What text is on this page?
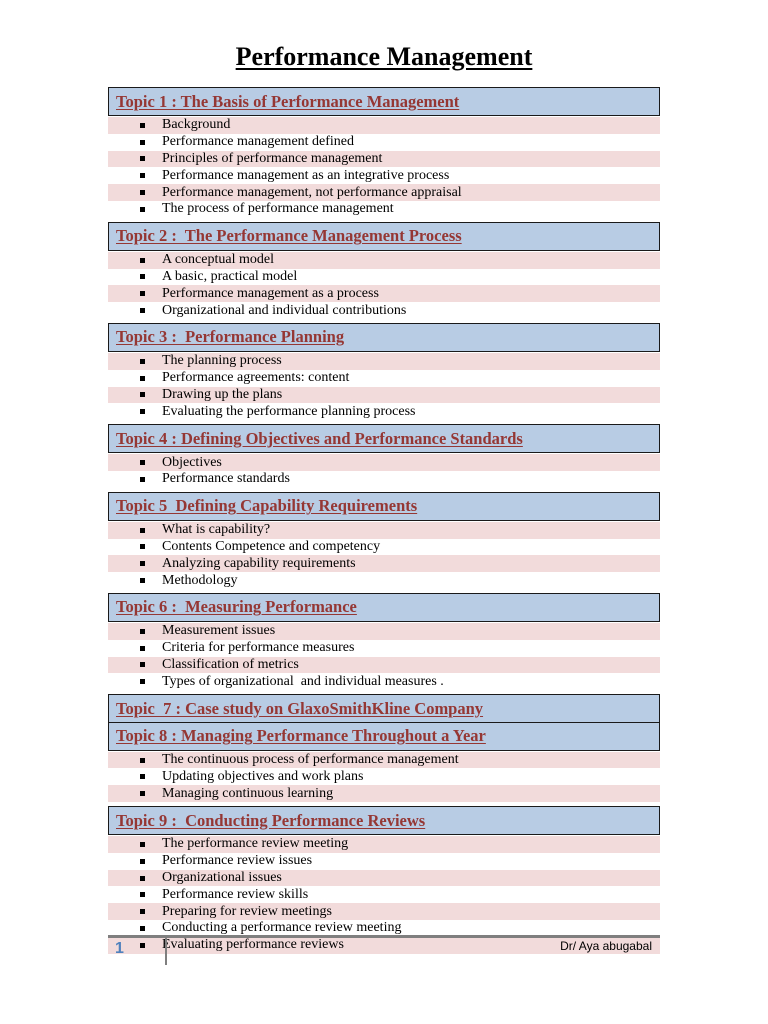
Performance Management
Topic 1 : The Basis of Performance Management
Background
Performance management defined
Principles of performance management
Performance management as an integrative process
Performance management, not performance appraisal
The process of performance management
Topic 2 :  The Performance Management Process
A conceptual model
A basic, practical model
Performance management as a process
Organizational and individual contributions
Topic 3 :  Performance Planning
The planning process
Performance agreements: content
Drawing up the plans
Evaluating the performance planning process
Topic 4 : Defining Objectives and Performance Standards
Objectives
Performance standards
Topic 5  Defining Capability Requirements
What is capability?
Contents Competence and competency
Analyzing capability requirements
Methodology
Topic 6 :  Measuring Performance
Measurement issues
Criteria for performance measures
Classification of metrics
Types of organizational  and individual measures .
Topic  7 : Case study on GlaxoSmithKline Company
Topic 8 : Managing Performance Throughout a Year
The continuous process of performance management
Updating objectives and work plans
Managing continuous learning
Topic 9 :  Conducting Performance Reviews
The performance review meeting
Performance review issues
Organizational issues
Performance review skills
Preparing for review meetings
Conducting a performance review meeting
Evaluating performance reviews
1	Dr/ Aya abugabal
